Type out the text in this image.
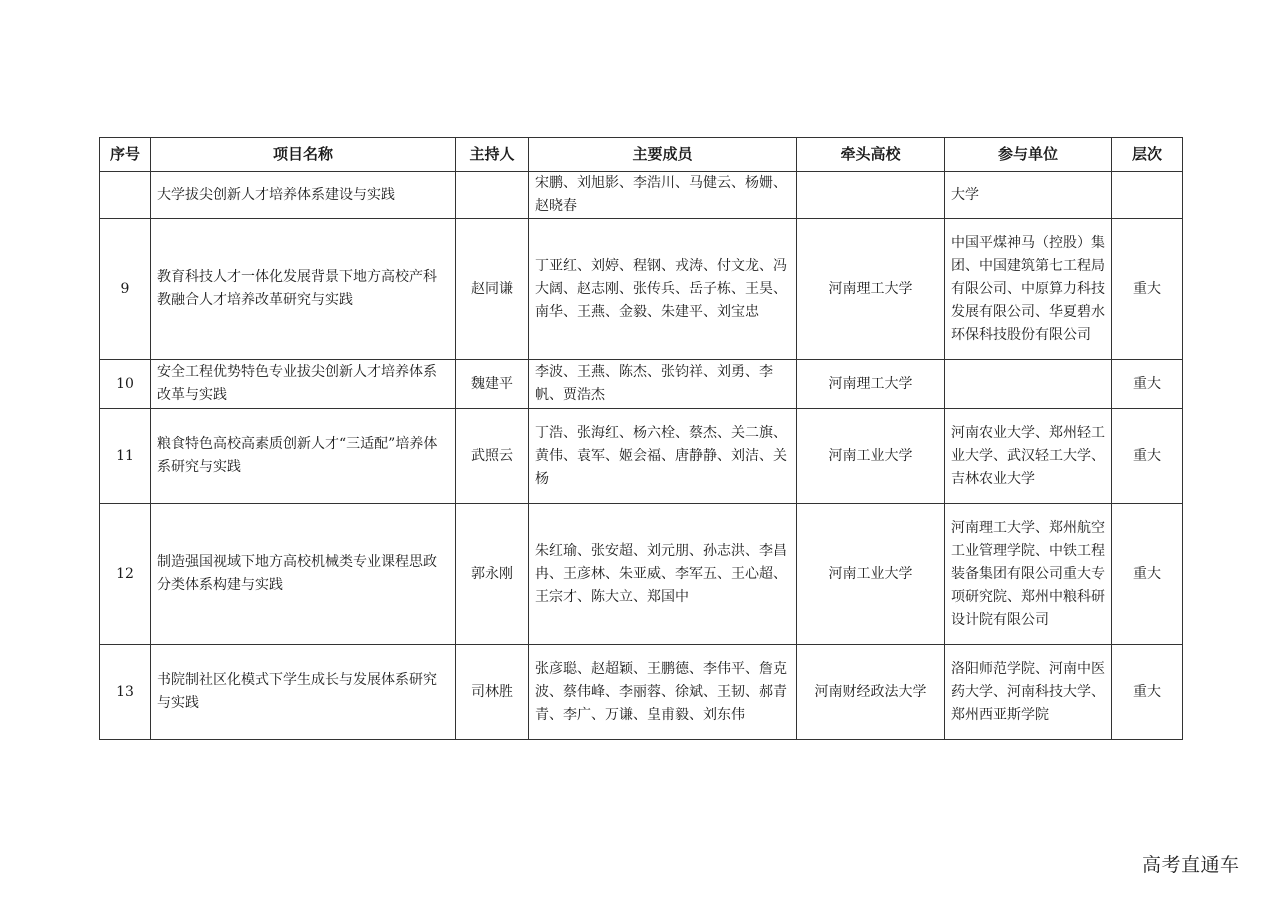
序号	项目名称	主持人	主要成员	牵头高校	参与单位	层次
	大学拔尖创新人才培养体系建设与实践		宋鹏、刘旭影、李浩川、马健云、杨姗、赵晓春		大学	
9	教育科技人才一体化发展背景下地方高校产科教融合人才培养改革研究与实践	赵同谦	丁亚红、刘婷、程钢、戎涛、付文龙、冯大阔、赵志刚、张传兵、岳子栋、王昊、南华、王燕、金毅、朱建平、刘宝忠	河南理工大学	中国平煤神马（控股）集团、中国建筑第七工程局有限公司、中原算力科技发展有限公司、华夏碧水环保科技股份有限公司	重大
10	安全工程优势特色专业拔尖创新人才培养体系改革与实践	魏建平	李波、王燕、陈杰、张钧祥、刘勇、李帆、贾浩杰	河南理工大学		重大
11	粮食特色高校高素质创新人才“三适配”培养体系研究与实践	武照云	丁浩、张海红、杨六栓、蔡杰、关二旗、黄伟、袁军、姬会福、唐静静、刘洁、关杨	河南工业大学	河南农业大学、郑州轻工业大学、武汉轻工大学、吉林农业大学	重大
12	制造强国视域下地方高校机械类专业课程思政分类体系构建与实践	郭永刚	朱红瑜、张安超、刘元朋、孙志洪、李昌冉、王彦林、朱亚威、李军五、王心超、王宗才、陈大立、郑国中	河南工业大学	河南理工大学、郑州航空工业管理学院、中铁工程装备集团有限公司重大专项研究院、郑州中粮科研设计院有限公司	重大
13	书院制社区化模式下学生成长与发展体系研究与实践	司林胜	张彦聪、赵超颖、王鹏德、李伟平、詹克波、蔡伟峰、李丽蓉、徐斌、王韧、郝青青、李广、万谦、皇甫毅、刘东伟	河南财经政法大学	洛阳师范学院、河南中医药大学、河南科技大学、郑州西亚斯学院	重大
高考直通车
